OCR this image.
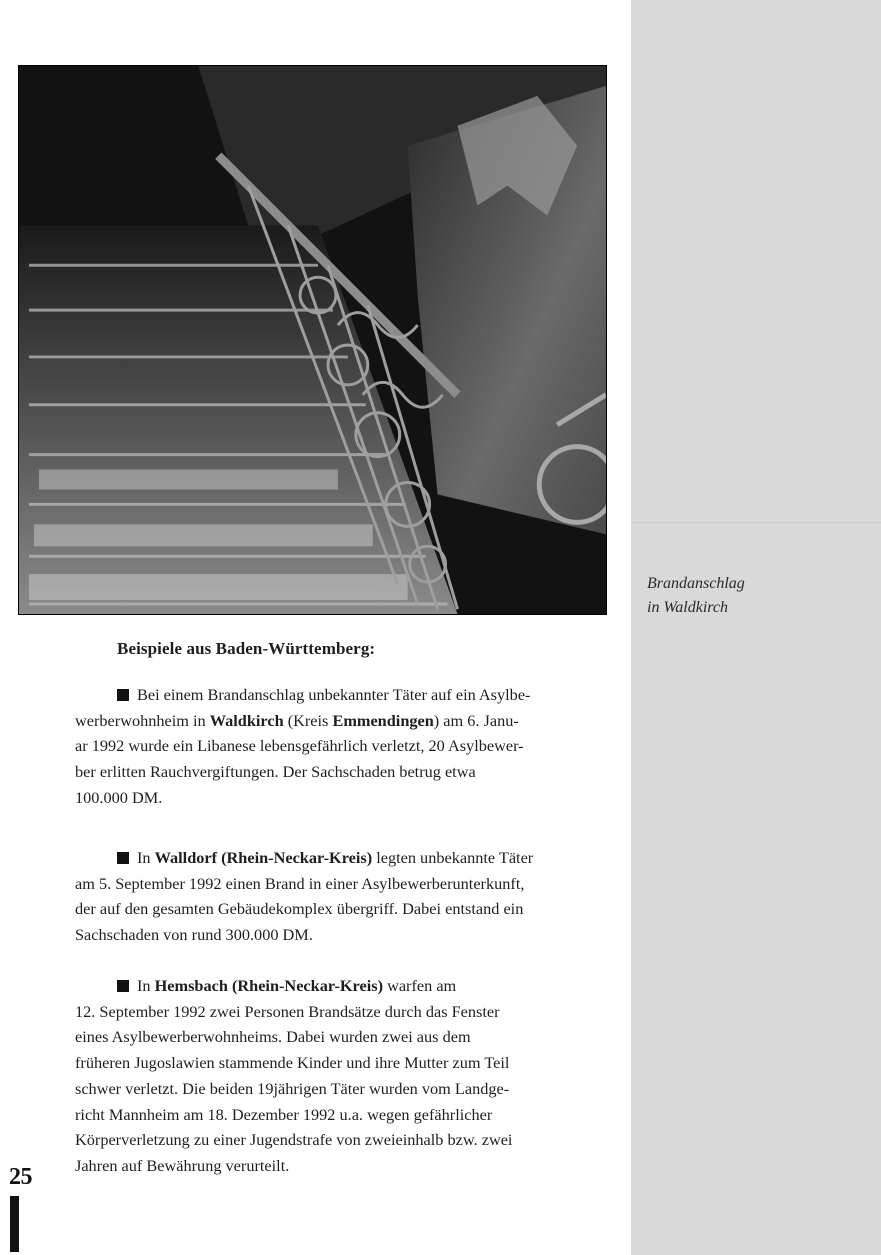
Brandanschlag
in Waldkirch
Beispiele aus Baden-Württemberg:
Bei einem Brandanschlag unbekannter Täter auf ein Asylbe-
werberwohnheim in Waldkirch (Kreis Emmendingen) am 6. Janu-
ar 1992 wurde ein Libanese lebensgefährlich verletzt, 20 Asylbewer-
ber erlitten Rauchvergiftungen. Der Sachschaden betrug etwa
100.000 DM.
In Walldorf (Rhein-Neckar-Kreis) legten unbekannte Täter
am 5. September 1992 einen Brand in einer Asylbewerberunterkunft,
der auf den gesamten Gebäudekomplex übergriff. Dabei entstand ein
Sachschaden von rund 300.000 DM.
In Hemsbach (Rhein-Neckar-Kreis) warfen am
12. September 1992 zwei Personen Brandsätze durch das Fenster
eines Asylbewerberwohnheims. Dabei wurden zwei aus dem
früheren Jugoslawien stammende Kinder und ihre Mutter zum Teil
schwer verletzt. Die beiden 19jährigen Täter wurden vom Landge-
richt Mannheim am 18. Dezember 1992 u.a. wegen gefährlicher
Körperverletzung zu einer Jugendstrafe von zweieinhalb bzw. zwei
Jahren auf Bewährung verurteilt.
25
